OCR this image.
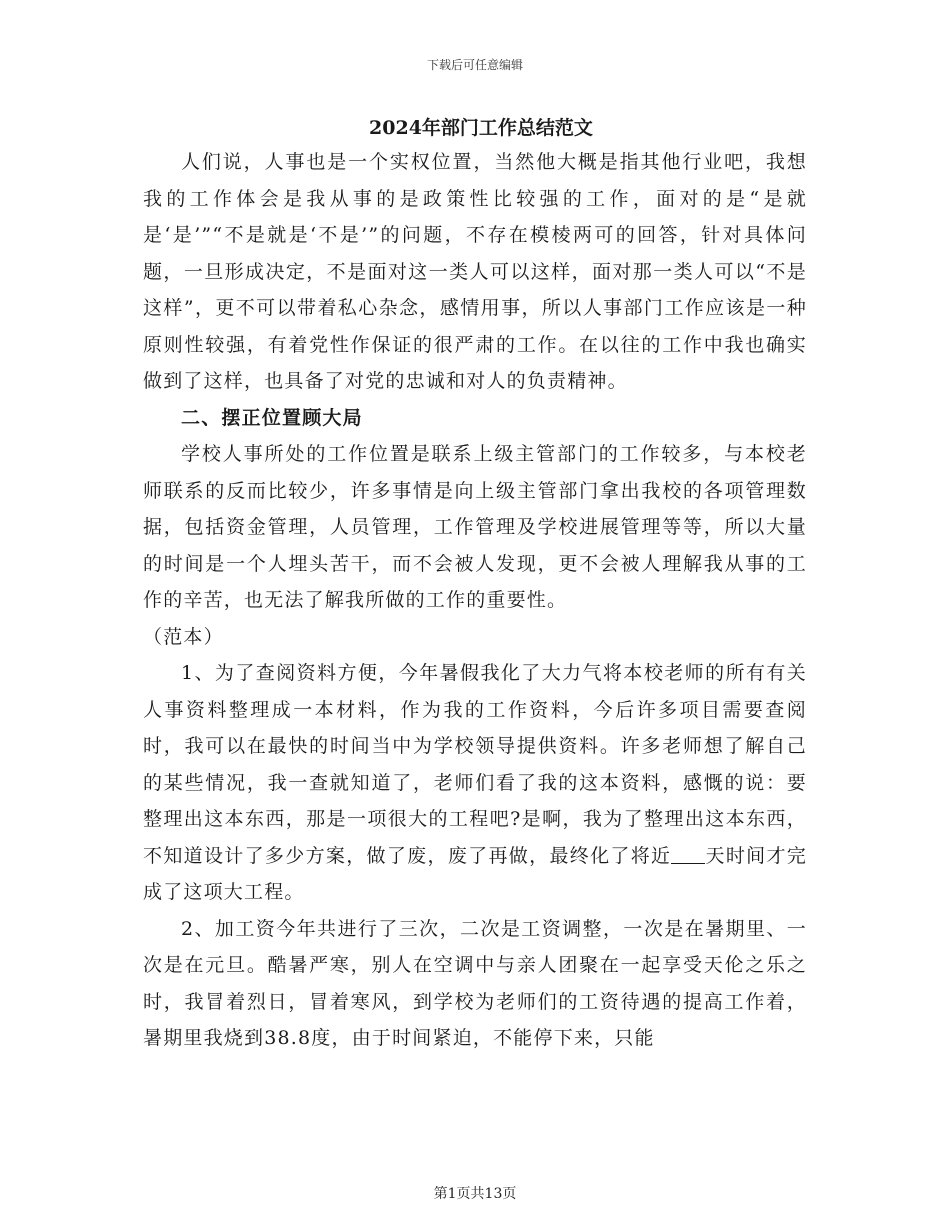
下载后可任意编辑
2024年部门工作总结范文

人们说，人事也是一个实权位置，当然他大概是指其他行业吧，我想我的工作体会是我从事的是政策性比较强的工作，面对的是“是就是‘是’”“不是就是‘不是’”的问题，不存在模棱两可的回答，针对具体问题，一旦形成决定，不是面对这一类人可以这样，面对那一类人可以“不是这样”，更不可以带着私心杂念，感情用事，所以人事部门工作应该是一种原则性较强，有着党性作保证的很严肃的工作。在以往的工作中我也确实做到了这样，也具备了对党的忠诚和对人的负责精神。

二、摆正位置顾大局

学校人事所处的工作位置是联系上级主管部门的工作较多，与本校老师联系的反而比较少，许多事情是向上级主管部门拿出我校的各项管理数据，包括资金管理，人员管理，工作管理及学校进展管理等等，所以大量的时间是一个人埋头苦干，而不会被人发现，更不会被人理解我从事的工作的辛苦，也无法了解我所做的工作的重要性。

（范本）

1、为了查阅资料方便，今年暑假我化了大力气将本校老师的所有有关人事资料整理成一本材料，作为我的工作资料，今后许多项目需要查阅时，我可以在最快的时间当中为学校领导提供资料。许多老师想了解自己的某些情况，我一查就知道了，老师们看了我的这本资料，感慨的说：要整理出这本东西，那是一项很大的工程吧?是啊，我为了整理出这本东西，不知道设计了多少方案，做了废，废了再做，最终化了将近 天时间才完成了这项大工程。

2、加工资今年共进行了三次，二次是工资调整，一次是在暑期里、一次是在元旦。酷暑严寒，别人在空调中与亲人团聚在一起享受天伦之乐之时，我冒着烈日，冒着寒风，到学校为老师们的工资待遇的提高工作着，暑期里我烧到38.8度，由于时间紧迫，不能停下来，只能

第1页共13页
